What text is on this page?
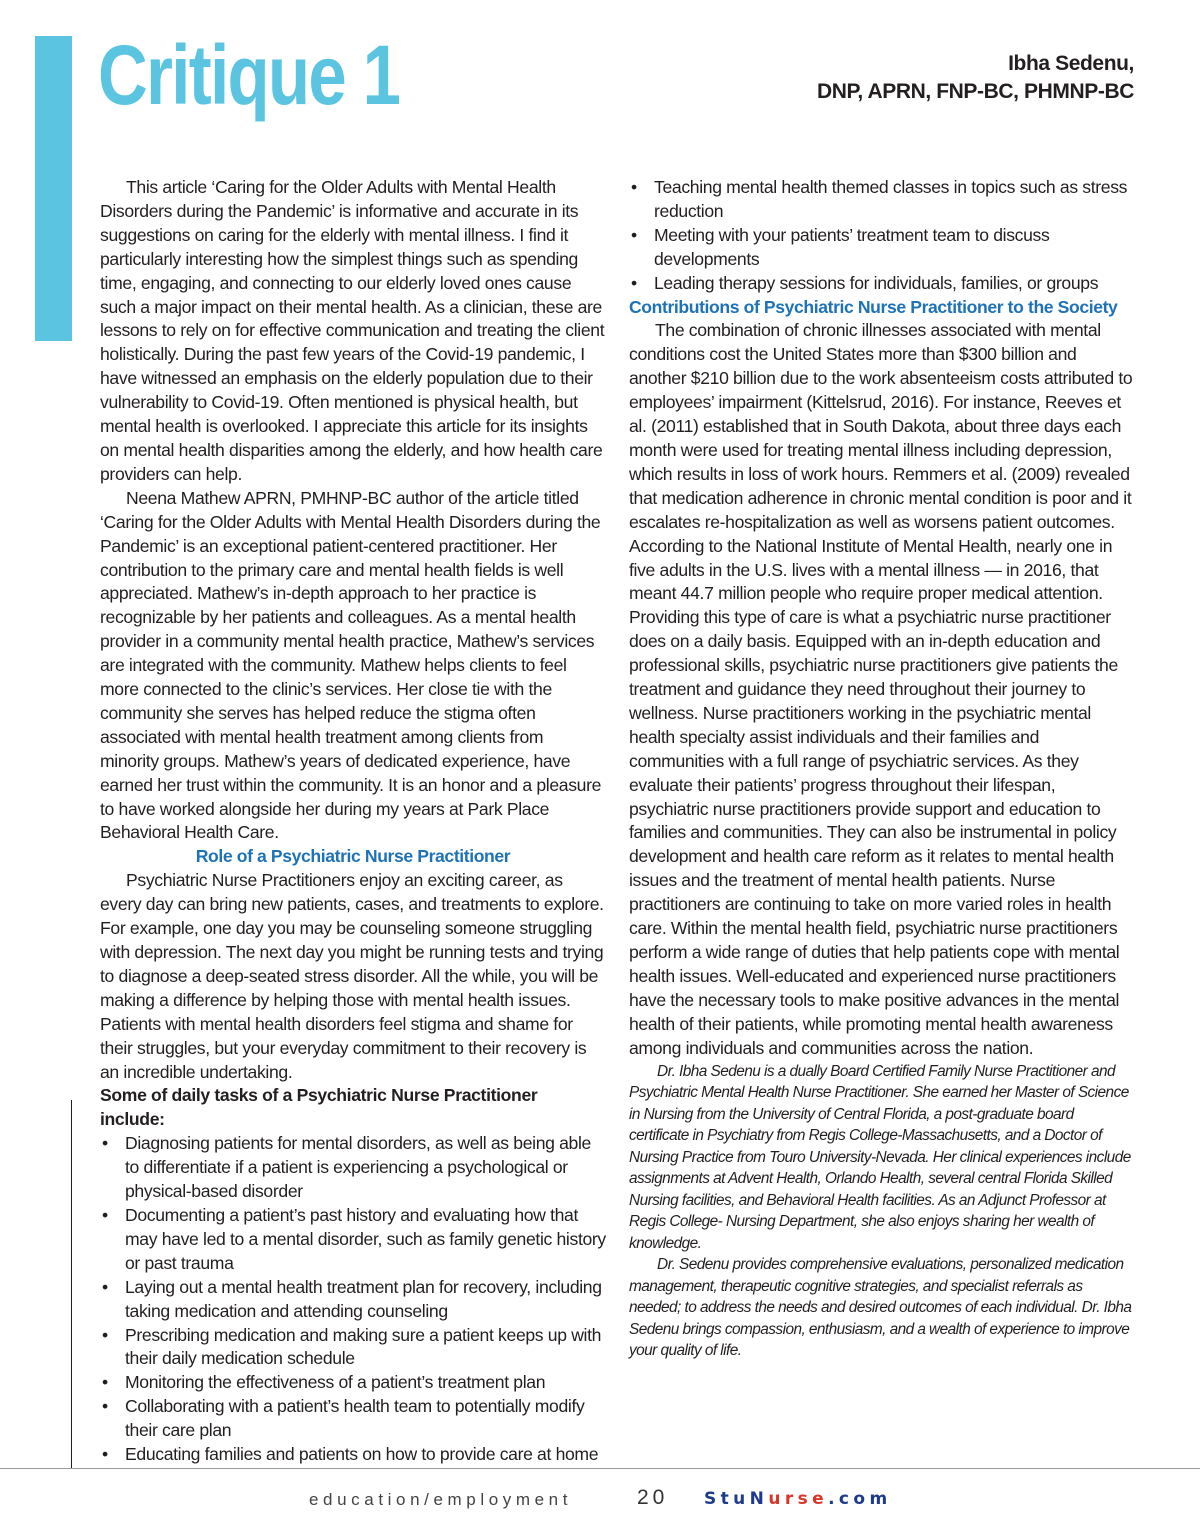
Critique 1	Ibha Sedenu,
DNP, APRN, FNP-BC, PHMNP-BC

This article ‘Caring for the Older Adults with Mental Health Disorders during the Pandemic’ is informative and accurate in its suggestions on caring for the elderly with mental illness. I find it particularly interesting how the simplest things such as spending time, engaging, and connecting to our elderly loved ones cause such a major impact on their mental health. As a clinician, these are lessons to rely on for effective communication and treating the client holistically. During the past few years of the Covid-19 pandemic, I have witnessed an emphasis on the elderly population due to their vulnerability to Covid-19. Often mentioned is physical health, but mental health is overlooked. I appreciate this article for its insights on mental health disparities among the elderly, and how health care providers can help.

Neena Mathew APRN, PMHNP-BC author of the article titled ‘Caring for the Older Adults with Mental Health Disorders during the Pandemic’ is an exceptional patient-centered practitioner. Her contribution to the primary care and mental health fields is well appreciated. Mathew’s in-depth approach to her practice is recognizable by her patients and colleagues. As a mental health provider in a community mental health practice, Mathew’s services are integrated with the community. Mathew helps clients to feel more connected to the clinic’s services. Her close tie with the community she serves has helped reduce the stigma often associated with mental health treatment among clients from minority groups. Mathew’s years of dedicated experience, have earned her trust within the community. It is an honor and a pleasure to have worked alongside her during my years at Park Place Behavioral Health Care.

Role of a Psychiatric Nurse Practitioner

Psychiatric Nurse Practitioners enjoy an exciting career, as every day can bring new patients, cases, and treatments to explore. For example, one day you may be counseling someone struggling with depression. The next day you might be running tests and trying to diagnose a deep-seated stress disorder. All the while, you will be making a difference by helping those with mental health issues. Patients with mental health disorders feel stigma and shame for their struggles, but your everyday commitment to their recovery is an incredible undertaking.

Some of daily tasks of a Psychiatric Nurse Practitioner include:

• Diagnosing patients for mental disorders, as well as being able to differentiate if a patient is experiencing a psychological or physical-based disorder
• Documenting a patient’s past history and evaluating how that may have led to a mental disorder, such as family genetic history or past trauma
• Laying out a mental health treatment plan for recovery, including taking medication and attending counseling
• Prescribing medication and making sure a patient keeps up with their daily medication schedule
• Monitoring the effectiveness of a patient’s treatment plan
• Collaborating with a patient’s health team to potentially modify their care plan
• Educating families and patients on how to provide care at home
• Teaching mental health themed classes in topics such as stress reduction
• Meeting with your patients’ treatment team to discuss developments
• Leading therapy sessions for individuals, families, or groups

Contributions of Psychiatric Nurse Practitioner to the Society

The combination of chronic illnesses associated with mental conditions cost the United States more than $300 billion and another $210 billion due to the work absenteeism costs attributed to employees’ impairment (Kittelsrud, 2016). For instance, Reeves et al. (2011) established that in South Dakota, about three days each month were used for treating mental illness including depression, which results in loss of work hours. Remmers et al. (2009) revealed that medication adherence in chronic mental condition is poor and it escalates re-hospitalization as well as worsens patient outcomes. According to the National Institute of Mental Health, nearly one in five adults in the U.S. lives with a mental illness — in 2016, that meant 44.7 million people who require proper medical attention. Providing this type of care is what a psychiatric nurse practitioner does on a daily basis. Equipped with an in-depth education and professional skills, psychiatric nurse practitioners give patients the treatment and guidance they need throughout their journey to wellness. Nurse practitioners working in the psychiatric mental health specialty assist individuals and their families and communities with a full range of psychiatric services. As they evaluate their patients’ progress throughout their lifespan, psychiatric nurse practitioners provide support and education to families and communities. They can also be instrumental in policy development and health care reform as it relates to mental health issues and the treatment of mental health patients. Nurse practitioners are continuing to take on more varied roles in health care. Within the mental health field, psychiatric nurse practitioners perform a wide range of duties that help patients cope with mental health issues. Well-educated and experienced nurse practitioners have the necessary tools to make positive advances in the mental health of their patients, while promoting mental health awareness among individuals and communities across the nation.

Dr. Ibha Sedenu is a dually Board Certified Family Nurse Practitioner and Psychiatric Mental Health Nurse Practitioner. She earned her Master of Science in Nursing from the University of Central Florida, a post-graduate board certificate in Psychiatry from Regis College-Massachusetts, and a Doctor of Nursing Practice from Touro University-Nevada. Her clinical experiences include assignments at Advent Health, Orlando Health, several central Florida Skilled Nursing facilities, and Behavioral Health facilities. As an Adjunct Professor at Regis College- Nursing Department, she also enjoys sharing her wealth of knowledge.

Dr. Sedenu provides comprehensive evaluations, personalized medication management, therapeutic cognitive strategies, and specialist referrals as needed; to address the needs and desired outcomes of each individual. Dr. Ibha Sedenu brings compassion, enthusiasm, and a wealth of experience to improve your quality of life.

education/employment	20 StuNurse.com
